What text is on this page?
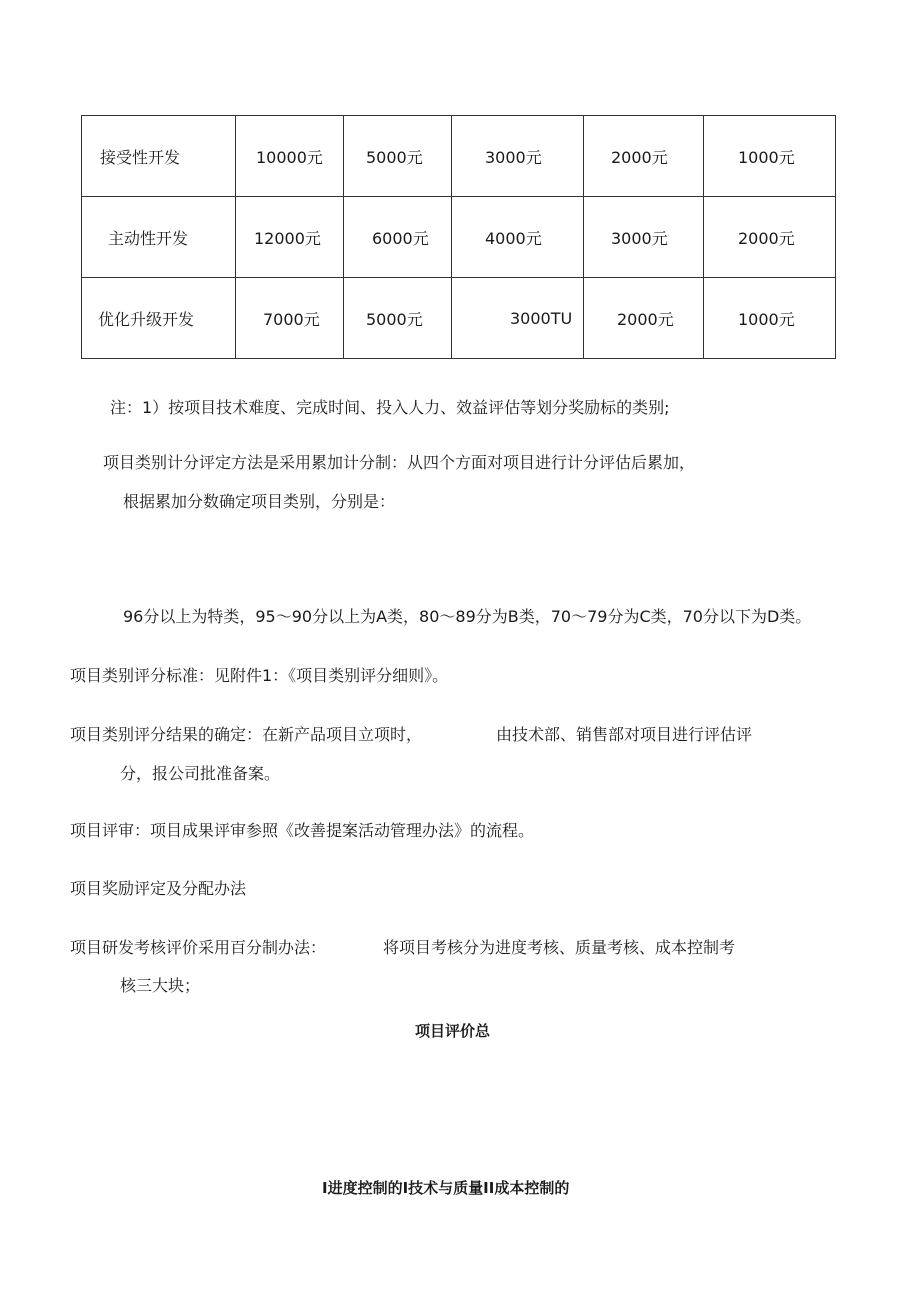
接受性开发	10000元	5000元	3000元	2000元	1000元

主动性开发	12000元	6000元	4000元	3000元	2000元

优化升级开发	7000元	5000元	3000TU	2000元	1000元
注：1）按项目技术难度、完成时间、投入人力、效益评估等划分奖励标的类别;
项目类别计分评定方法是采用累加计分制：从四个方面对项目进行计分评估后累加，
根据累加分数确定项目类别，分别是：
96分以上为特类，95〜90分以上为A类，80〜89分为B类，70〜79分为C类，70分以下为D类。
项目类别评分标准：见附件1：《项目类别评分细则》。
项目类别评分结果的确定：在新产品项目立项时，	由技术部、销售部对项目进行评估评
分，报公司批准备案。
项目评审：项目成果评审参照《改善提案活动管理办法》的流程。
项目奖励评定及分配办法
项目研发考核评价采用百分制办法：	将项目考核分为进度考核、质量考核、成本控制考
核三大块；
项目评价总
I进度控制的I技术与质量II成本控制的
